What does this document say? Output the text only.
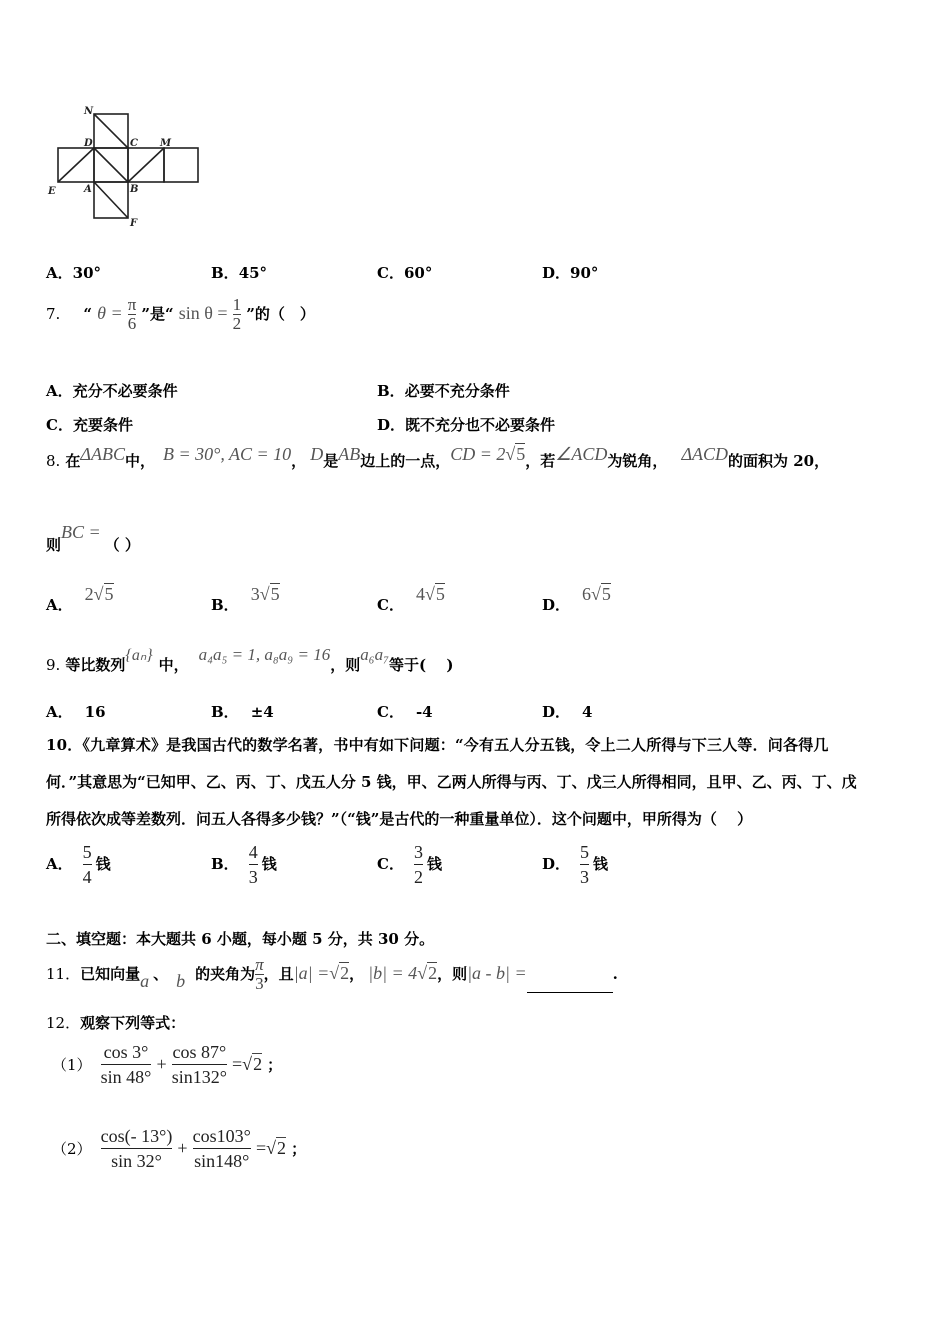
N
D	C M
E	A	B
F
A．30°	B．45°	C．60°	D．90°
7. “ $\theta = \frac{\pi}{6}$ ”是“ $\sin \theta = \frac{1}{2}$ ”的（　）
A．充分不必要条件	B．必要不充分条件
C．充要条件	D．既不充分也不必要条件
8. 在ΔABC中， B = 30°, AC = 10， D是AB边上的一点，CD = 2√5，若∠ACD为锐角， ΔACD的面积为 20，
则BC =（ ）
A．2√5
B．3√5
C．4√5
D．6√5
9. 等比数列{aₙ}中，a₄a₅ = 1, a₈a₉ = 16，则a₆a₇等于(　 )
A． 16	B． ±4	C． -4	D． 4
10．《九章算术》是我国古代的数学名著，书中有如下问题：“今有五人分五钱，令上二人所得与下三人等．问各得几
何．”其意思为“已知甲、乙、丙、丁、戊五人分 5 钱，甲、乙两人所得与丙、丁、戊三人所得相同，且甲、乙、丙、丁、戊
所得依次成等差数列．问五人各得多少钱？”（“钱”是古代的一种重量单位）．这个问题中，甲所得为（　 ）
A． $\frac{5}{4}$ 钱	B． $\frac{4}{3}$ 钱	C． $\frac{3}{2}$ 钱	D． $\frac{5}{3}$ 钱
二、填空题：本大题共 6 小题，每小题 5 分，共 30 分。
11．已知向量a 、 b 的夹角为 $\frac{\pi}{3}$ ，且|a| =√2， |b| = 4√2，则|a - b| =	.
12．观察下列等式：
$(1) \frac{\cos 3^\circ}{\sin 48^\circ} + \frac{\cos 87^\circ}{\sin 132^\circ} =√2$ ；
$(2) \frac{\cos(- 13^\circ)}{\sin 32^\circ} + \frac{\cos 103^\circ}{\sin 148^\circ} =√2$ ；
